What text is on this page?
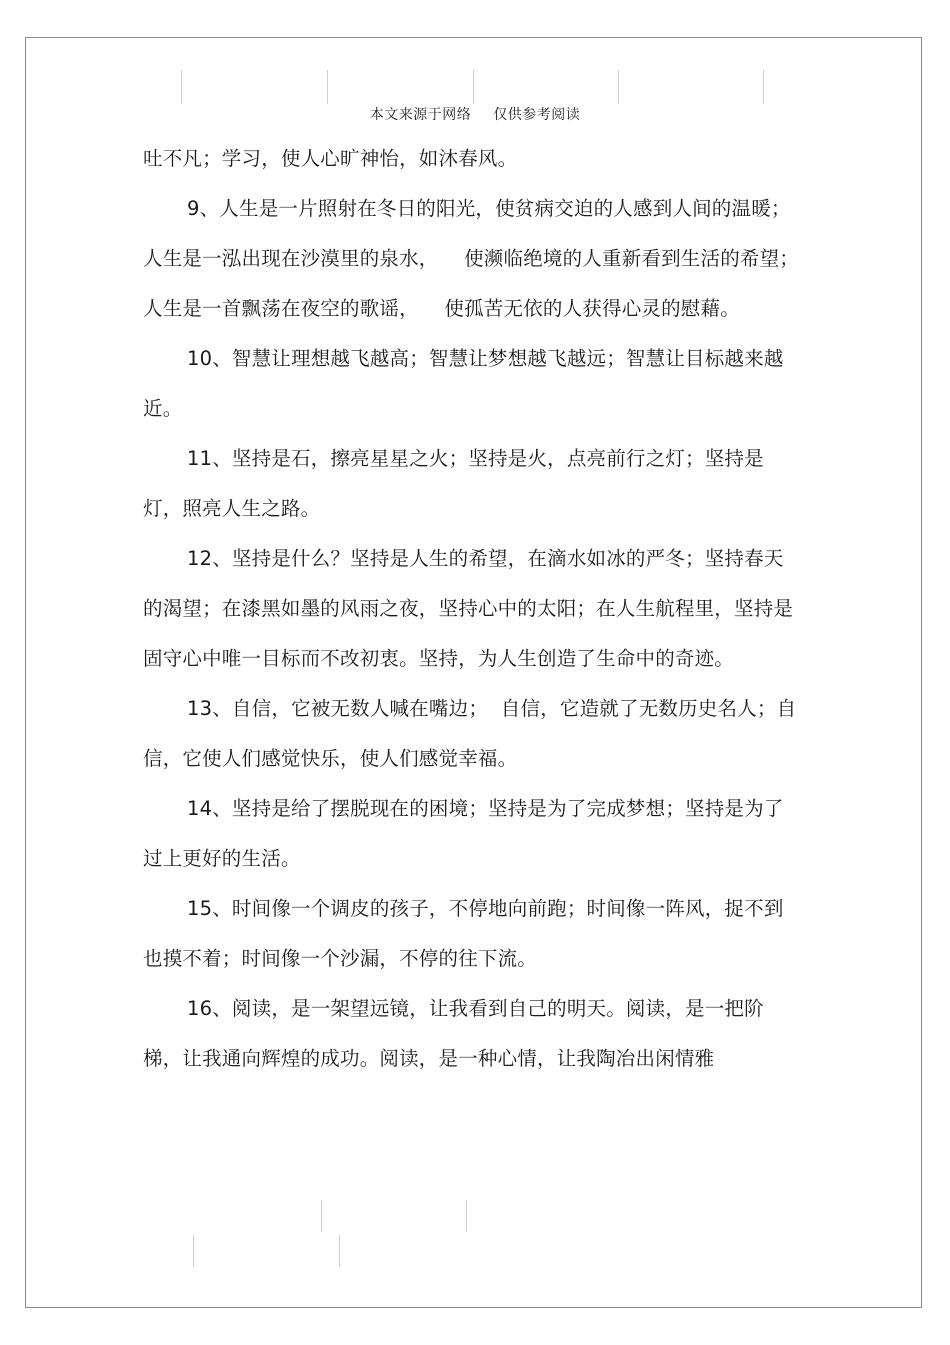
本文来源于网络 仅供参考阅读

吐不凡；学习，使人心旷神怡，如沐春风。

9、人生是一片照射在冬日的阳光，使贫病交迫的人感到人间的温暖；人生是一泓出现在沙漠里的泉水，    使濒临绝境的人重新看到生活的希望；  人生是一首飘荡在夜空的歌谣，    使孤苦无依的人获得心灵的慰藉。

10、智慧让理想越飞越高；智慧让梦想越飞越远；智慧让目标越来越近。

11、坚持是石，擦亮星星之火；坚持是火，点亮前行之灯；坚持是灯，照亮人生之路。

12、坚持是什么？坚持是人生的希望，在滴水如冰的严冬；坚持春天的渴望；在漆黑如墨的风雨之夜，坚持心中的太阳；在人生航程里，坚持是固守心中唯一目标而不改初衷。坚持，为人生创造了生命中的奇迹。

13、自信，它被无数人喊在嘴边；  自信，它造就了无数历史名人；自信，它使人们感觉快乐，使人们感觉幸福。

14、坚持是给了摆脱现在的困境；坚持是为了完成梦想；坚持是为了过上更好的生活。

15、时间像一个调皮的孩子，不停地向前跑；时间像一阵风，捉不到也摸不着；时间像一个沙漏，不停的往下流。

16、阅读，是一架望远镜，让我看到自己的明天。阅读，是一把阶梯，让我通向辉煌的成功。阅读，是一种心情，让我陶冶出闲情雅
